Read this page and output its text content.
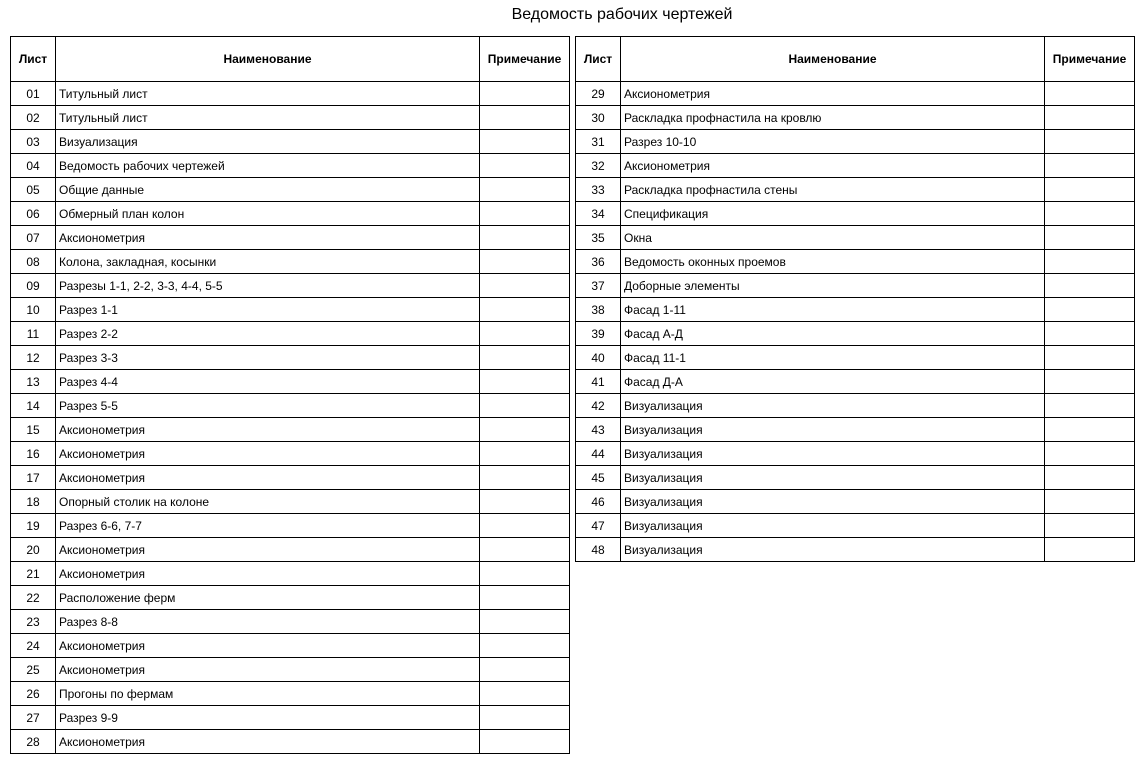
Ведомость рабочих чертежей
Лист	Наименование	Примечание
01	Титульный лист	
02	Титульный лист	
03	Визуализация	
04	Ведомость рабочих чертежей	
05	Общие данные	
06	Обмерный план колон	
07	Аксионометрия	
08	Колона, закладная, косынки	
09	Разрезы 1-1, 2-2, 3-3, 4-4, 5-5	
10	Разрез 1-1	
11	Разрез 2-2	
12	Разрез 3-3	
13	Разрез 4-4	
14	Разрез 5-5	
15	Аксионометрия	
16	Аксионометрия	
17	Аксионометрия	
18	Опорный столик на колоне	
19	Разрез 6-6, 7-7	
20	Аксионометрия	
21	Аксионометрия	
22	Расположение ферм	
23	Разрез 8-8	
24	Аксионометрия	
25	Аксионометрия	
26	Прогоны по фермам	
27	Разрез 9-9	
28	Аксионометрия	
Лист	Наименование	Примечание
29	Аксионометрия	
30	Раскладка профнастила на кровлю	
31	Разрез 10-10	
32	Аксионометрия	
33	Раскладка профнастила стены	
34	Спецификация	
35	Окна	
36	Ведомость оконных проемов	
37	Доборные элементы	
38	Фасад 1-11	
39	Фасад А-Д	
40	Фасад 11-1	
41	Фасад Д-А	
42	Визуализация	
43	Визуализация	
44	Визуализация	
45	Визуализация	
46	Визуализация	
47	Визуализация	
48	Визуализация	
